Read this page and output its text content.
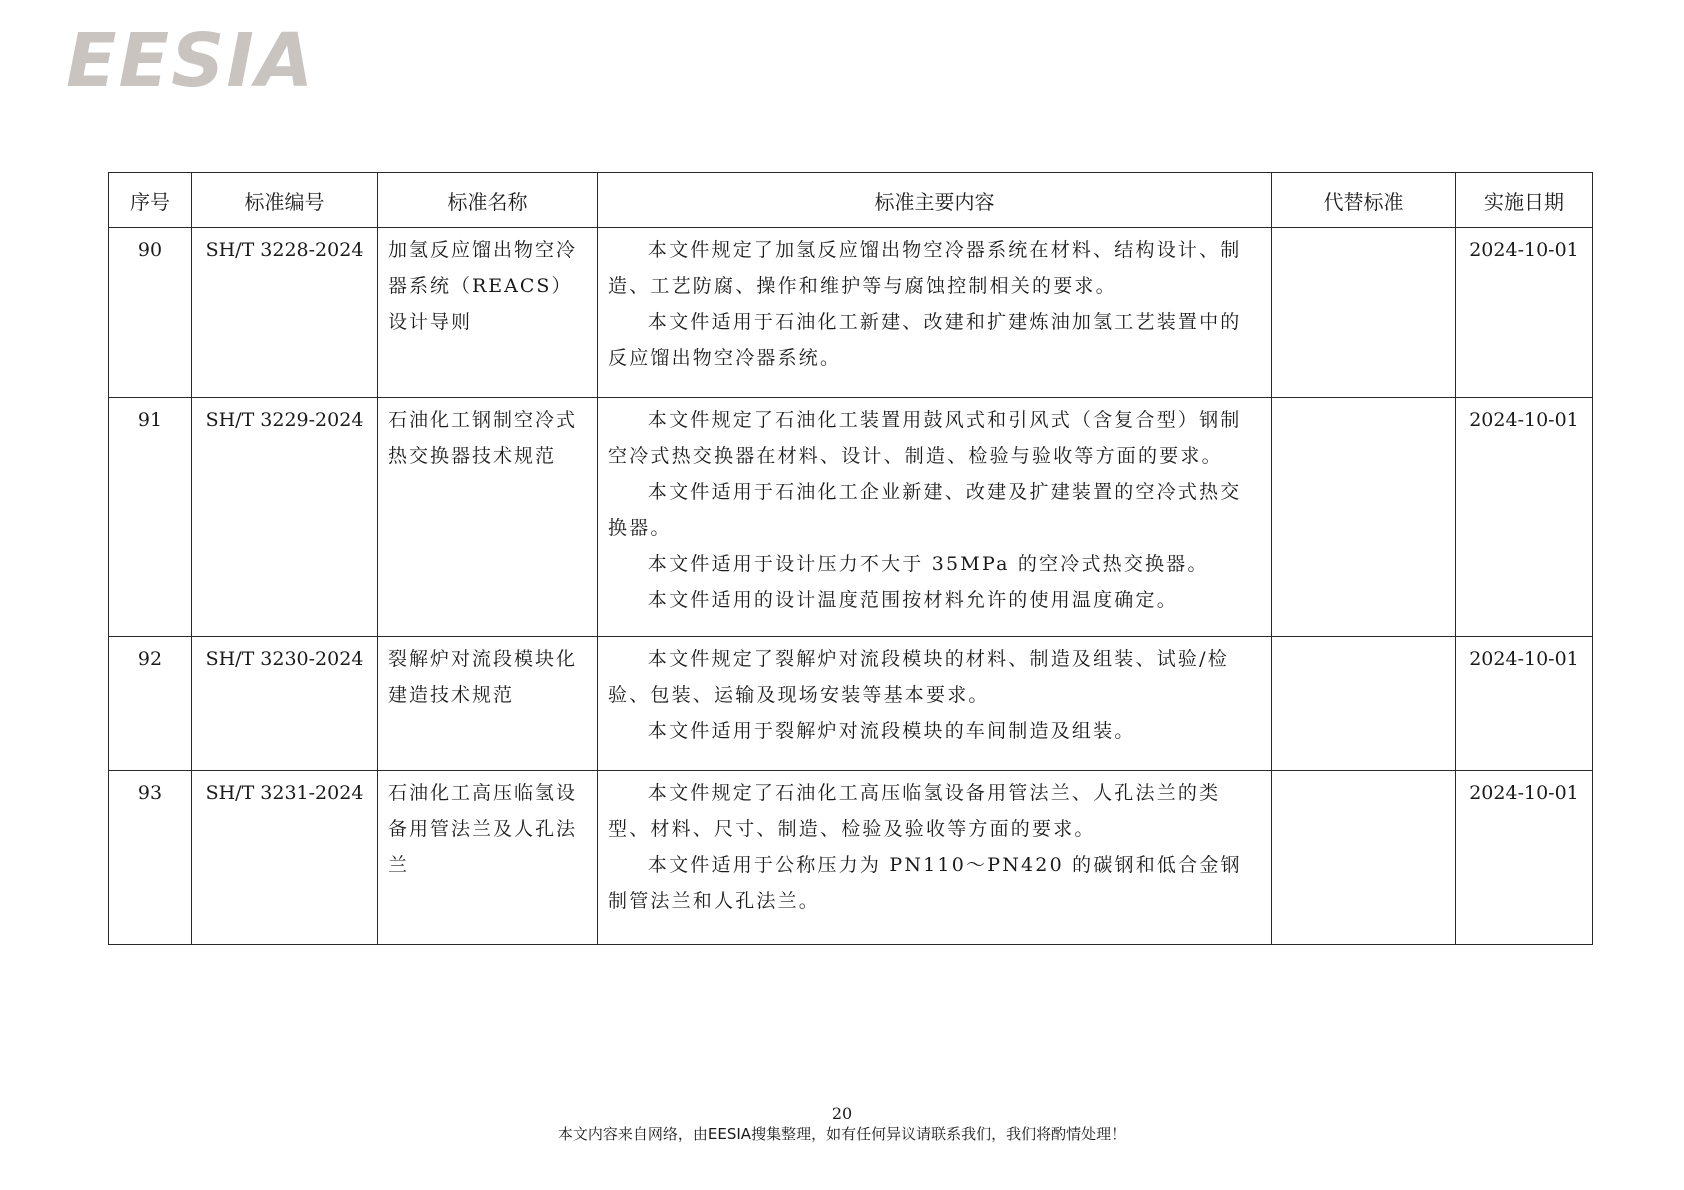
EESIA
序号	标准编号	标准名称	标准主要内容	代替标准	实施日期
90	SH/T 3228-2024	加氢反应馏出物空冷器系统（REACS）设计导则	本文件规定了加氢反应馏出物空冷器系统在材料、结构设计、制造、工艺防腐、操作和维护等与腐蚀控制相关的要求。

本文件适用于石油化工新建、改建和扩建炼油加氢工艺装置中的反应馏出物空冷器系统。		2024-10-01
91	SH/T 3229-2024	石油化工钢制空冷式热交换器技术规范	本文件规定了石油化工装置用鼓风式和引风式（含复合型）钢制空冷式热交换器在材料、设计、制造、检验与验收等方面的要求。

本文件适用于石油化工企业新建、改建及扩建装置的空冷式热交换器。

本文件适用于设计压力不大于 35MPa 的空冷式热交换器。

本文件适用的设计温度范围按材料允许的使用温度确定。		2024-10-01
92	SH/T 3230-2024	裂解炉对流段模块化建造技术规范	本文件规定了裂解炉对流段模块的材料、制造及组装、试验/检验、包装、运输及现场安装等基本要求。

本文件适用于裂解炉对流段模块的车间制造及组装。		2024-10-01
93	SH/T 3231-2024	石油化工高压临氢设备用管法兰及人孔法兰	本文件规定了石油化工高压临氢设备用管法兰、人孔法兰的类型、材料、尺寸、制造、检验及验收等方面的要求。

本文件适用于公称压力为 PN110～PN420 的碳钢和低合金钢制管法兰和人孔法兰。		2024-10-01
20
本文内容来自网络，由EESIA搜集整理，如有任何异议请联系我们，我们将酌情处理！
